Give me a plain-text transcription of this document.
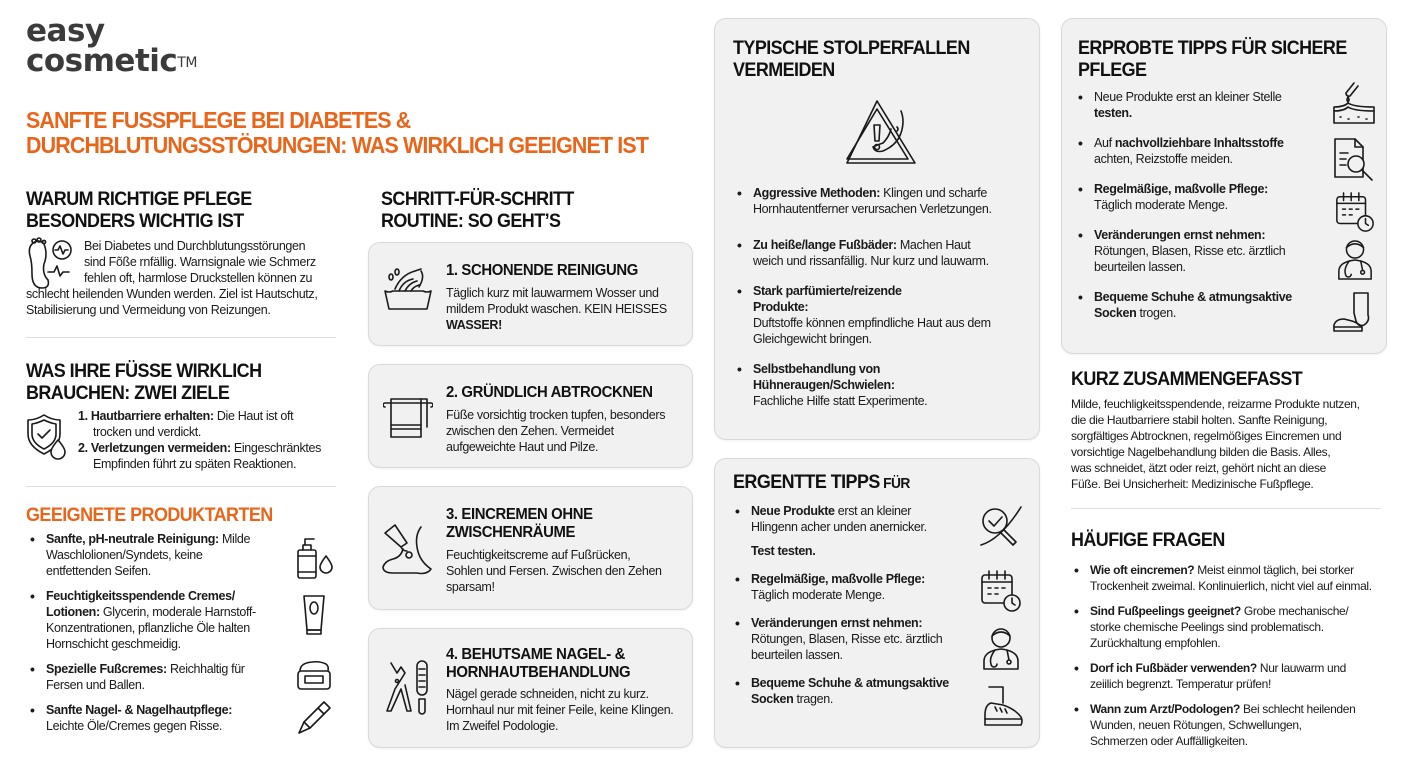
easy
cosmetic™
SANFTE FUSSPFLEGE BEI DIABETES &
DURCHBLUTUNGSSTÖRUNGEN: WAS WIRKLICH GEEIGNET IST
WARUM RICHTIGE PFLEGE
BESONDERS WICHTIG IST
Bei Diabetes und Durchblutungsstörungen
sind Fõße rnfällig. Warnsignale wie Schmerz
fehlen oft, harmlose Druckstellen können zu
schlecht heilenden Wunden werden. Ziel ist Hautschutz,
Stabilisierung und Vermeidung von Reizungen.
WAS IHRE FÜSSE WIRKLICH
BRAUCHEN: ZWEI ZIELE
1. Hautbarriere erhalten: Die Haut ist oft
trocken und verdickt.
2. Verletzungen vermeiden: Eingeschränktes
Empfinden führt zu späten Reaktionen.
GEEIGNETE PRODUKTARTEN
• Sanfte, pH-neutrale Reinigung: Milde
Waschlolionen/Syndets, keine
entfettenden Seifen.
• Feuchtigkeitsspendende Cremes/
Lotionen: Glycerin, moderale Harnstoff-
Konzentrationen, pflanzliche Öle halten
Hornschicht geschmeidig.
• Spezielle Fußcremes: Reichhaltig für
Fersen und Ballen.
• Sanfte Nagel- & Nagelhautpflege:
Leichte Öle/Cremes gegen Risse.
SCHRITT-FÜR-SCHRITT
ROUTINE: SO GEHT’S
1. SCHONENDE REINIGUNG
Täglich kurz mit lauwarmem Wosser und
mildem Produkt waschen. KEIN HEISSES
WASSER!
2. GRÜNDLICH ABTROCKNEN
Füße vorsichtig trocken tupfen, besonders
zwischen den Zehen. Vermeidet
aufgeweichte Haut und Pilze.
3. EINCREMEN OHNE
ZWISCHENRÄUME
Feuchtigkeitscreme auf Fußrücken,
Sohlen und Fersen. Zwischen den Zehen
sparsam!
4. BEHUTSAME NAGEL- &
HORNHAUTBEHANDLUNG
Nägel gerade schneiden, nicht zu kurz.
Hornhaul nur mit feiner Feile, keine Klingen.
Im Zweifel Podologie.
TYPISCHE STOLPERFALLEN
VERMEIDEN
• Aggressive Methoden: Klingen und scharfe
Hornhautentferner verursachen Verletzungen.
• Zu heiße/lange Fußbäder: Machen Haut
weich und rissanfällig. Nur kurz und lauwarm.
• Stark parfümierte/reizende
Produkte:
Duftstoffe können empfindliche Haut aus dem
Gleichgewicht bringen.
• Selbstbehandlung von
Hühneraugen/Schwielen:
Fachliche Hilfe statt Experimente.
ERGENTTE TIPPS FÜR
• Neue Produkte erst an kleiner
Hlingenn acher unden anernicker.
Test testen.
• Regelmäßige, maßvolle Pflege:
Täglich moderate Menge.
• Veränderungen ernst nehmen:
Rötungen, Blasen, Risse etc. ärztlich
beurteilen lassen.
• Bequeme Schuhe & atmungsaktive
Socken tragen.
ERPROBTE TIPPS FÜR SICHERE
PFLEGE
• Neue Produkte erst an kleiner Stelle
testen.
• Auf nachvollziehbare Inhaltsstoffe
achten, Reizstoffe meiden.
• Regelmäßige, maßvolle Pflege:
Täglich moderate Menge.
• Veränderungen ernst nehmen:
Rötungen, Blasen, Risse etc. ärztlich
beurteilen lassen.
• Bequeme Schuhe & atmungsaktive
Socken trogen.
KURZ ZUSAMMENGEFASST
Milde, feuchligkeitsspendende, reizarme Produkte nutzen,
die die Hautbarriere stabil holten. Sanfte Reinigung,
sorgfältiges Abtrocknen, regelmößiges Eincremen und
vorsichtige Nagelbehandlung bilden die Basis. Alles,
was schneidet, ätzt oder reizt, gehört nicht an diese
Füße. Bei Unsicherheit: Medizinische Fußpflege.
HÄUFIGE FRAGEN
• Wie oft eincremen? Meist einmol täglich, bei storker
Trockenheit zweimal. Konlinuierlich, nicht viel auf einmal.
• Sind Fußpeelings geeignet? Grobe mechanische/
storke chemische Peelings sind problematisch.
Zurückhaltung empfohlen.
• Dorf ich Fußbäder verwenden? Nur lauwarm und
zeiilich begrenzt. Temperatur prüfen!
• Wann zum Arzt/Podologen? Bei schlecht heilenden
Wunden, neuen Rötungen, Schwellungen,
Schmerzen oder Auffälligkeiten.
